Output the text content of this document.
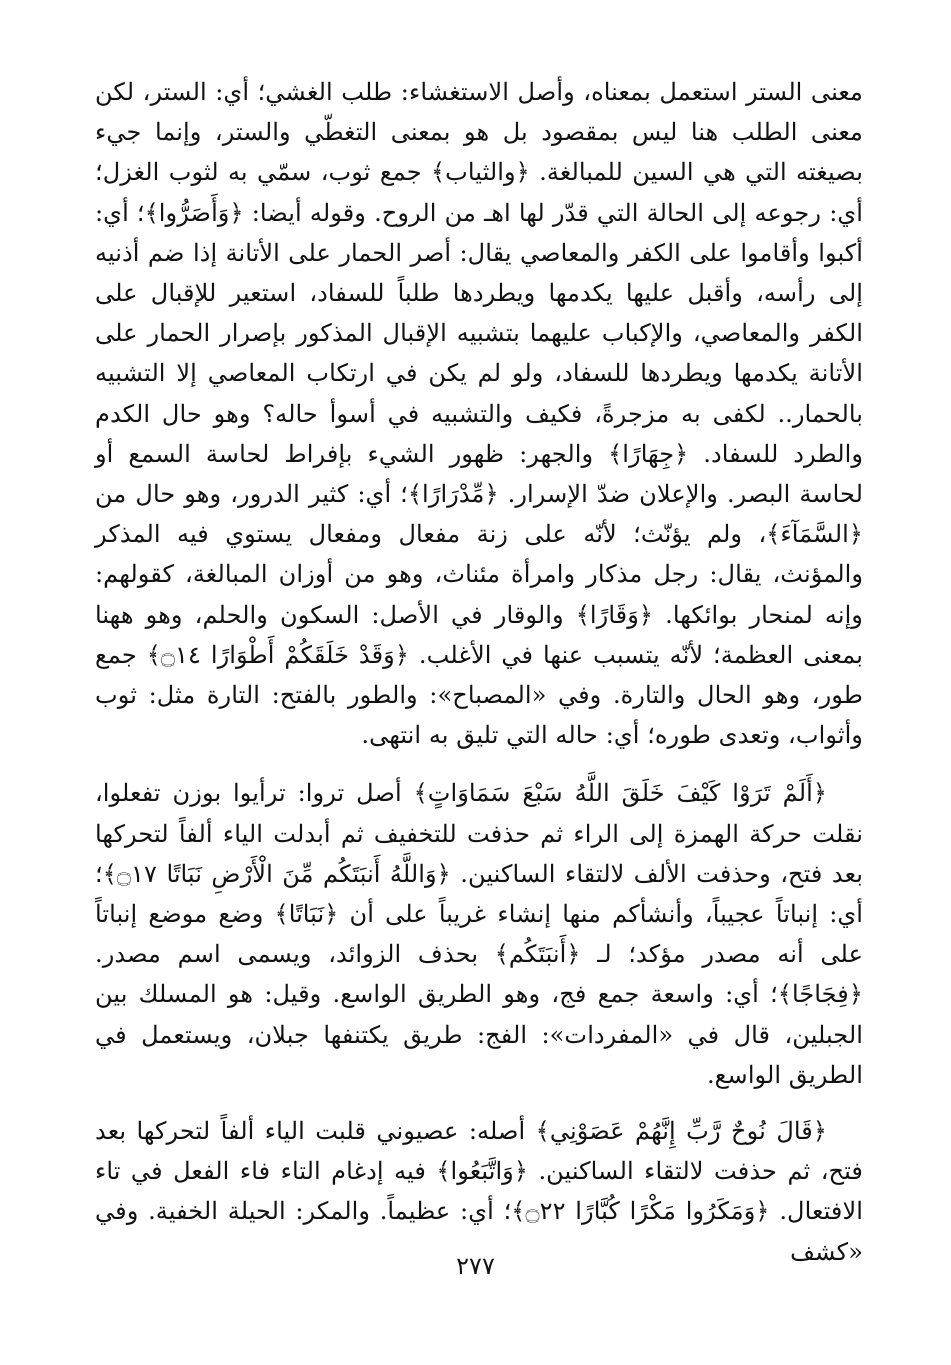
معنى الستر استعمل بمعناه، وأصل الاستغشاء: طلب الغشي؛ أي: الستر، لكن معنى الطلب هنا ليس بمقصود بل هو بمعنى التغطّي والستر، وإنما جيء بصيغته التي هي السين للمبالغة. ﴿والثياب﴾ جمع ثوب، سمّي به لثوب الغزل؛ أي: رجوعه إلى الحالة التي قدّر لها اهـ من الروح. وقوله أيضا: ﴿وَأَصَرُّوا﴾؛ أي: أكبوا وأقاموا على الكفر والمعاصي يقال: أصر الحمار على الأتانة إذا ضم أذنيه إلى رأسه، وأقبل عليها يكدمها ويطردها طلباً للسفاد، استعير للإقبال على الكفر والمعاصي، والإكباب عليهما بتشبيه الإقبال المذكور بإصرار الحمار على الأتانة يكدمها ويطردها للسفاد، ولو لم يكن في ارتكاب المعاصي إلا التشبيه بالحمار.. لكفى به مزجرةً، فكيف والتشبيه في أسوأ حاله؟ وهو حال الكدم والطرد للسفاد. ﴿جِهَارًا﴾ والجهر: ظهور الشيء بإفراط لحاسة السمع أو لحاسة البصر. والإعلان ضدّ الإسرار. ﴿مِّدْرَارًا﴾؛ أي: كثير الدرور، وهو حال من ﴿السَّمَآءَ﴾، ولم يؤنّث؛ لأنّه على زنة مفعال ومفعال يستوي فيه المذكر والمؤنث، يقال: رجل مذكار وامرأة مئناث، وهو من أوزان المبالغة، كقولهم: وإنه لمنحار بوائكها. ﴿وَقَارًا﴾ والوقار في الأصل: السكون والحلم، وهو ههنا بمعنى العظمة؛ لأنّه يتسبب عنها في الأغلب. ﴿وَقَدْ خَلَقَكُمْ أَطْوَارًا ۝١٤﴾ جمع طور، وهو الحال والتارة. وفي «المصباح»: والطور بالفتح: التارة مثل: ثوب وأثواب، وتعدى طوره؛ أي: حاله التي تليق به انتهى.

﴿أَلَمْ تَرَوْا كَيْفَ خَلَقَ اللَّهُ سَبْعَ سَمَاوَاتٍ﴾ أصل تروا: ترأيوا بوزن تفعلوا، نقلت حركة الهمزة إلى الراء ثم حذفت للتخفيف ثم أبدلت الياء ألفاً لتحركها بعد فتح، وحذفت الألف لالتقاء الساكنين. ﴿وَاللَّهُ أَنبَتَكُم مِّنَ الْأَرْضِ نَبَاتًا ۝١٧﴾؛ أي: إنباتاً عجيباً، وأنشأكم منها إنشاء غريباً على أن ﴿نَبَاتًا﴾ وضع موضع إنباتاً على أنه مصدر مؤكد؛ لـ ﴿أَنبَتَكُم﴾ بحذف الزوائد، ويسمى اسم مصدر. ﴿فِجَاجًا﴾؛ أي: واسعة جمع فج، وهو الطريق الواسع. وقيل: هو المسلك بين الجبلين، قال في «المفردات»: الفج: طريق يكتنفها جبلان، ويستعمل في الطريق الواسع.

﴿قَالَ نُوحٌ رَّبِّ إِنَّهُمْ عَصَوْنِي﴾ أصله: عصيوني قلبت الياء ألفاً لتحركها بعد فتح، ثم حذفت لالتقاء الساكنين. ﴿وَاتَّبَعُوا﴾ فيه إدغام التاء فاء الفعل في تاء الافتعال. ﴿وَمَكَرُوا مَكْرًا كُبَّارًا ۝٢٢﴾؛ أي: عظيماً. والمكر: الحيلة الخفية. وفي «كشف

٢٧٧
